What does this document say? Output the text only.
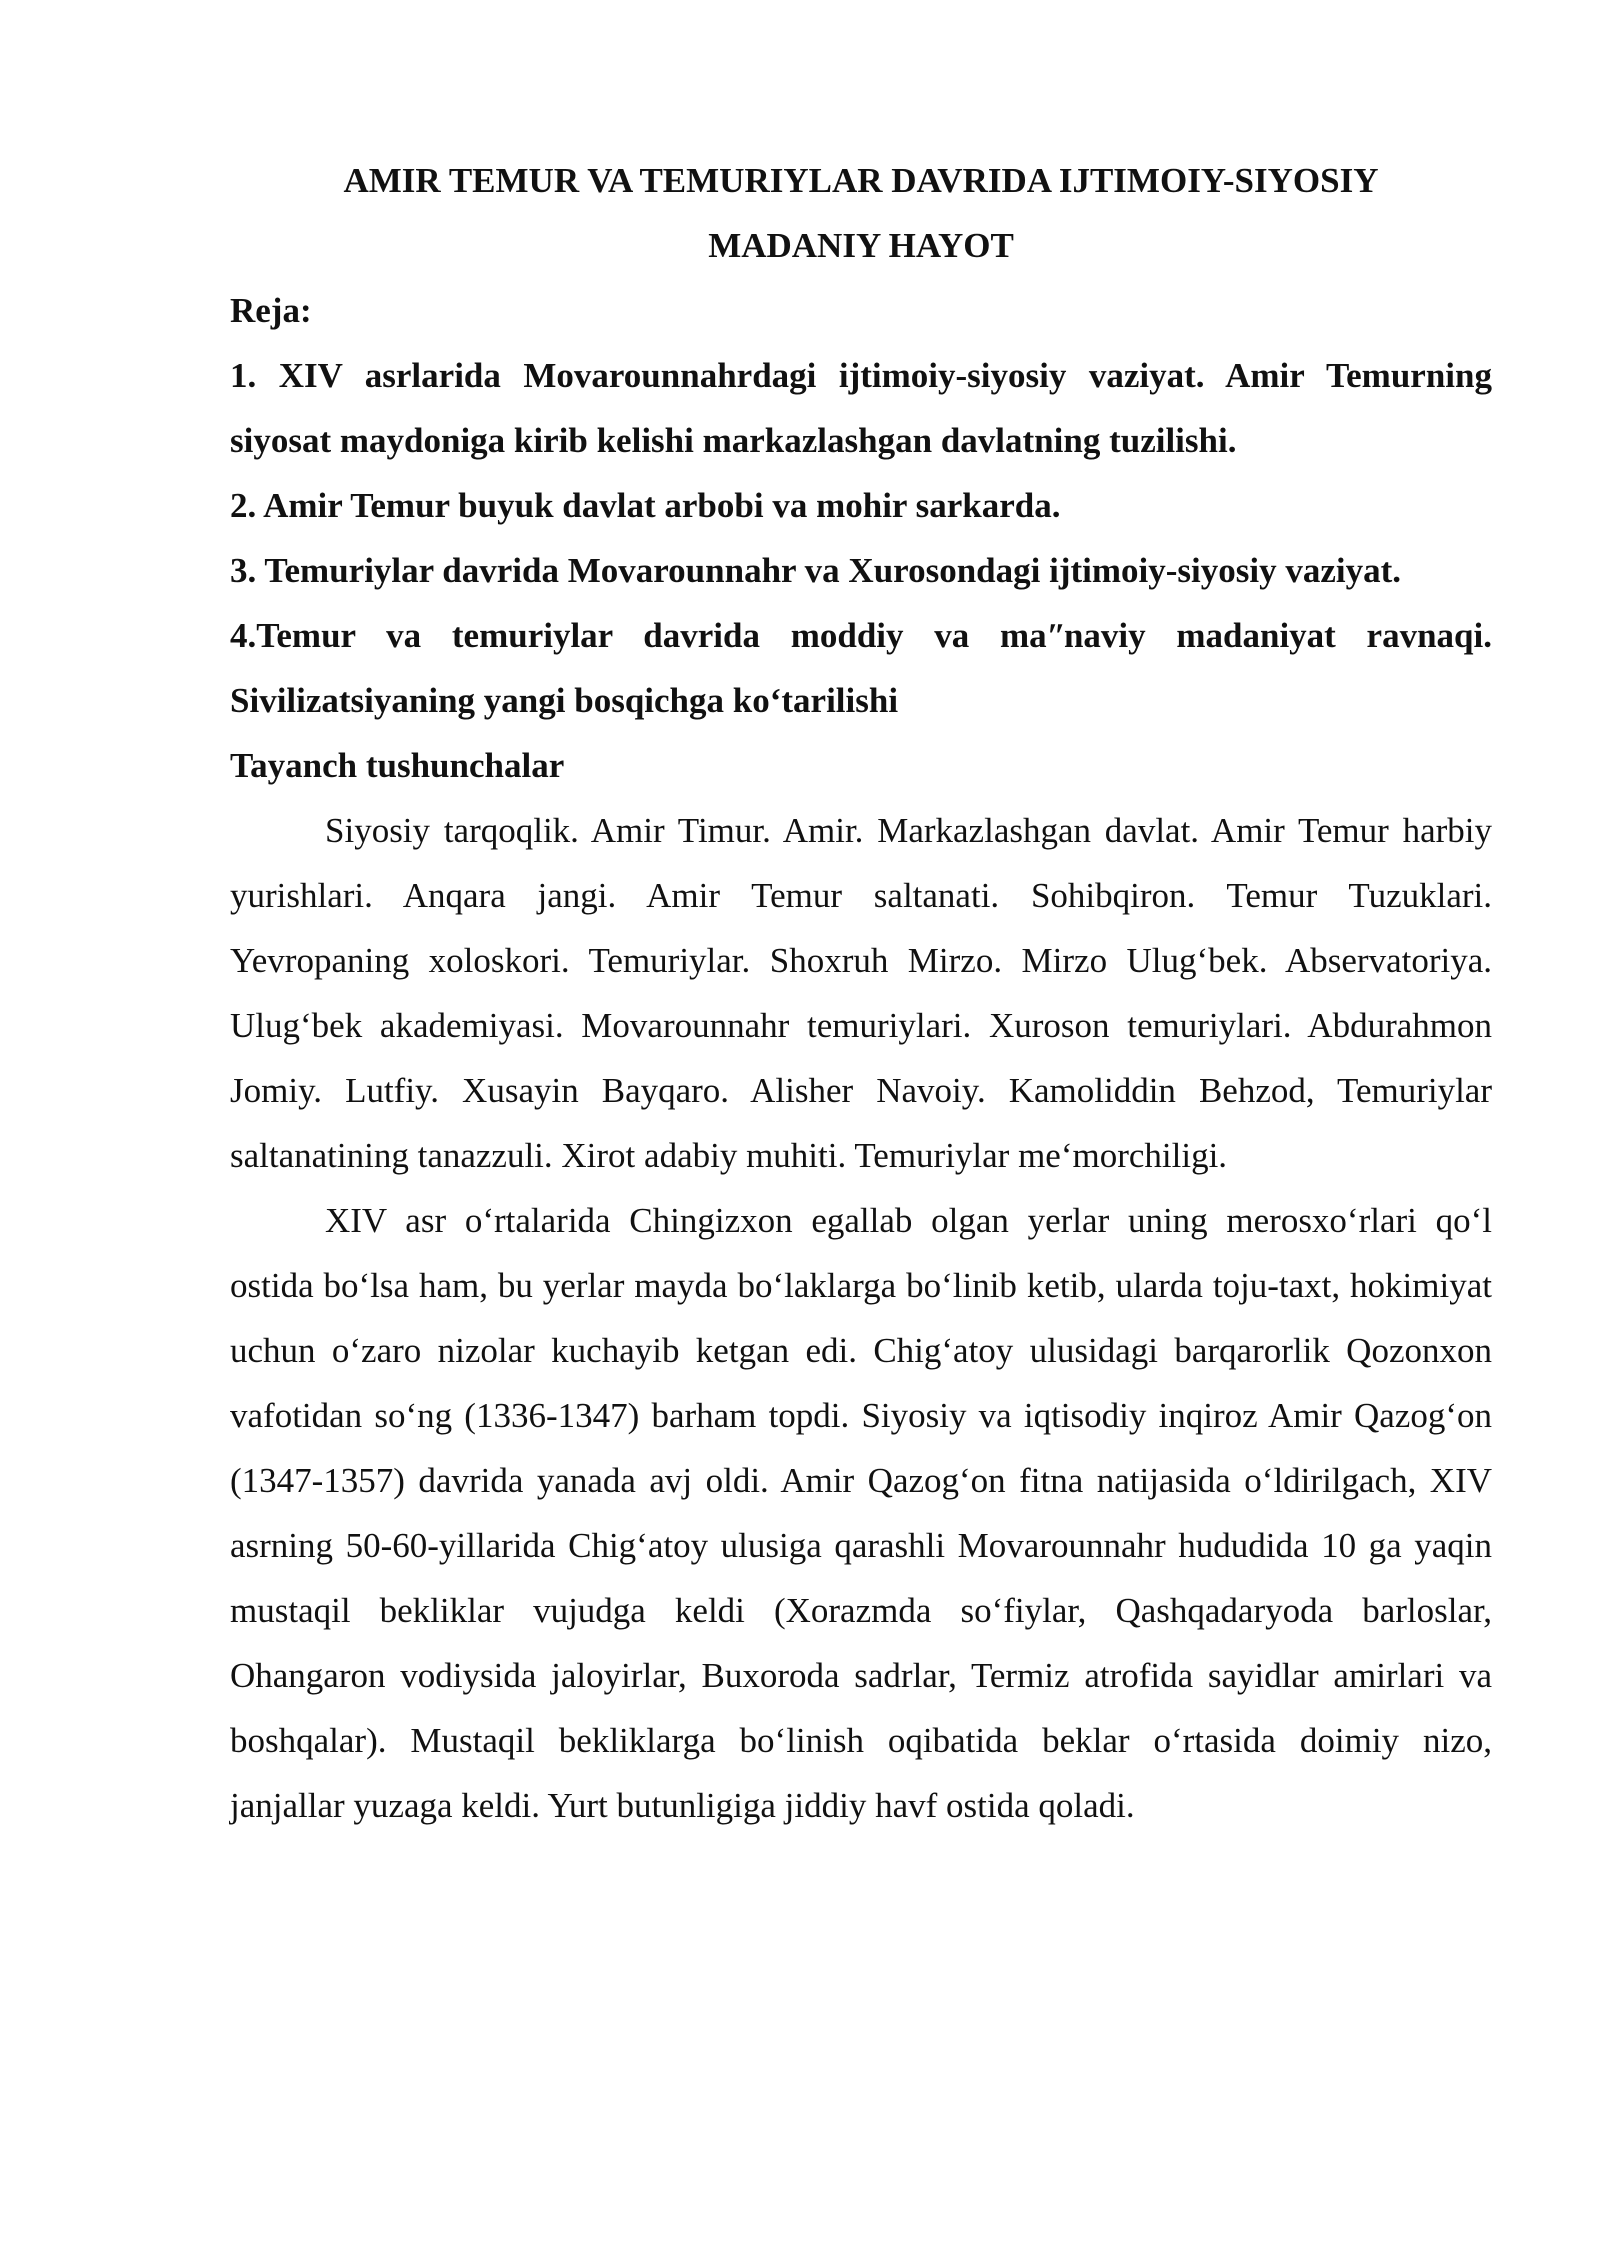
AMIR TEMUR VA TEMURIYLAR DAVRIDA IJTIMOIY-SIYOSIY

MADANIY HAYOT

Reja:

1. XIV asrlarida Movarounnahrdagi ijtimoiy-siyosiy vaziyat. Amir Temurning siyosat maydoniga kirib kelishi markazlashgan davlatning tuzilishi.

2. Amir Temur buyuk davlat arbobi va mohir sarkarda.

3. Temuriylar davrida Movarounnahr va Xurosondagi ijtimoiy-siyosiy vaziyat.

4.Temur va temuriylar davrida moddiy va maʺnaviy madaniyat ravnaqi. Sivilizatsiyaning yangi bosqichga koʻtarilishi

Tayanch tushunchalar

Siyosiy tarqoqlik. Amir Timur. Amir. Markazlashgan davlat. Amir Temur harbiy yurishlari. Anqara jangi. Amir Temur saltanati. Sohibqiron. Temur Tuzuklari. Yevropaning xoloskori. Temuriylar. Shoxruh Mirzo. Mirzo Ulugʻbek. Abservatoriya. Ulugʻbek akademiyasi. Movarounnahr temuriylari. Xuroson temuriylari. Abdurahmon Jomiy. Lutfiy. Xusayin Bayqaro. Alisher Navoiy. Kamoliddin Behzod, Temuriylar saltanatining tanazzuli. Xirot adabiy muhiti. Temuriylar meʻmorchiligi.

XIV asr oʻrtalarida Chingizxon egallab olgan yerlar uning merosxoʻrlari qoʻl ostida boʻlsa ham, bu yerlar mayda boʻlaklarga boʻlinib ketib, ularda toju-taxt, hokimiyat uchun oʻzaro nizolar kuchayib ketgan edi. Chigʻatoy ulusidagi barqarorlik Qozonxon vafotidan soʻng (1336-1347) barham topdi. Siyosiy va iqtisodiy inqiroz Amir Qazogʻon (1347-1357) davrida yanada avj oldi. Amir Qazogʻon fitna natijasida oʻldirilgach, XIV asrning 50-60-yillarida Chigʻatoy ulusiga qarashli Movarounnahr hududida 10 ga yaqin mustaqil bekliklar vujudga keldi (Xorazmda soʻfiylar, Qashqadaryoda barloslar, Ohangaron vodiysida jaloyirlar, Buxoroda sadrlar, Termiz atrofida sayidlar amirlari va boshqalar). Mustaqil bekliklarga boʻlinish oqibatida beklar oʻrtasida doimiy nizo, janjallar yuzaga keldi. Yurt butunligiga jiddiy havf ostida qoladi.
